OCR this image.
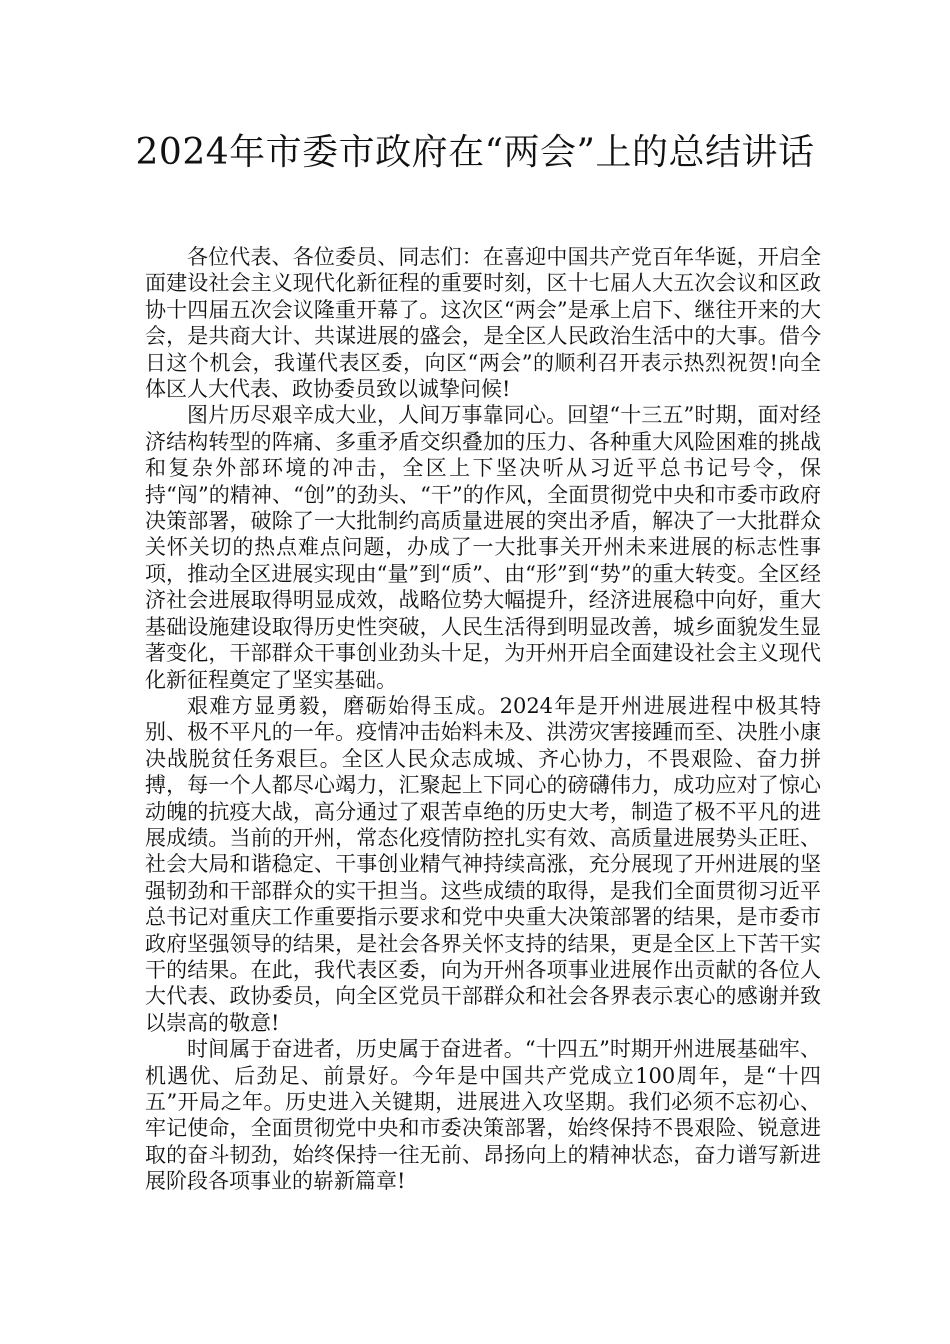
2024年市委市政府在“两会”上的总结讲话

各位代表、各位委员、同志们：在喜迎中国共产党百年华诞，开启全面建设社会主义现代化新征程的重要时刻，区十七届人大五次会议和区政协十四届五次会议隆重开幕了。这次区“两会”是承上启下、继往开来的大会，是共商大计、共谋进展的盛会，是全区人民政治生活中的大事。借今日这个机会，我谨代表区委，向区“两会”的顺利召开表示热烈祝贺!向全体区人大代表、政协委员致以诚挚问候!

图片历尽艰辛成大业，人间万事靠同心。回望“十三五”时期，面对经济结构转型的阵痛、多重矛盾交织叠加的压力、各种重大风险困难的挑战和复杂外部环境的冲击，全区上下坚决听从习近平总书记号令，保持“闯”的精神、“创”的劲头、“干”的作风，全面贯彻党中央和市委市政府决策部署，破除了一大批制约高质量进展的突出矛盾，解决了一大批群众关怀关切的热点难点问题，办成了一大批事关开州未来进展的标志性事项，推动全区进展实现由“量”到“质”、由“形”到“势”的重大转变。全区经济社会进展取得明显成效，战略位势大幅提升，经济进展稳中向好，重大基础设施建设取得历史性突破，人民生活得到明显改善，城乡面貌发生显著变化，干部群众干事创业劲头十足，为开州开启全面建设社会主义现代化新征程奠定了坚实基础。

艰难方显勇毅，磨砺始得玉成。2024年是开州进展进程中极其特别、极不平凡的一年。疫情冲击始料未及、洪涝灾害接踵而至、决胜小康决战脱贫任务艰巨。全区人民众志成城、齐心协力，不畏艰险、奋力拼搏，每一个人都尽心竭力，汇聚起上下同心的磅礴伟力，成功应对了惊心动魄的抗疫大战，高分通过了艰苦卓绝的历史大考，制造了极不平凡的进展成绩。当前的开州，常态化疫情防控扎实有效、高质量进展势头正旺、社会大局和谐稳定、干事创业精气神持续高涨，充分展现了开州进展的坚强韧劲和干部群众的实干担当。这些成绩的取得，是我们全面贯彻习近平总书记对重庆工作重要指示要求和党中央重大决策部署的结果，是市委市政府坚强领导的结果，是社会各界关怀支持的结果，更是全区上下苦干实干的结果。在此，我代表区委，向为开州各项事业进展作出贡献的各位人大代表、政协委员，向全区党员干部群众和社会各界表示衷心的感谢并致以崇高的敬意!

时间属于奋进者，历史属于奋进者。“十四五”时期开州进展基础牢、机遇优、后劲足、前景好。今年是中国共产党成立100周年，是“十四五”开局之年。历史进入关键期，进展进入攻坚期。我们必须不忘初心、牢记使命，全面贯彻党中央和市委决策部署，始终保持不畏艰险、锐意进取的奋斗韧劲，始终保持一往无前、昂扬向上的精神状态，奋力谱写新进展阶段各项事业的崭新篇章!
